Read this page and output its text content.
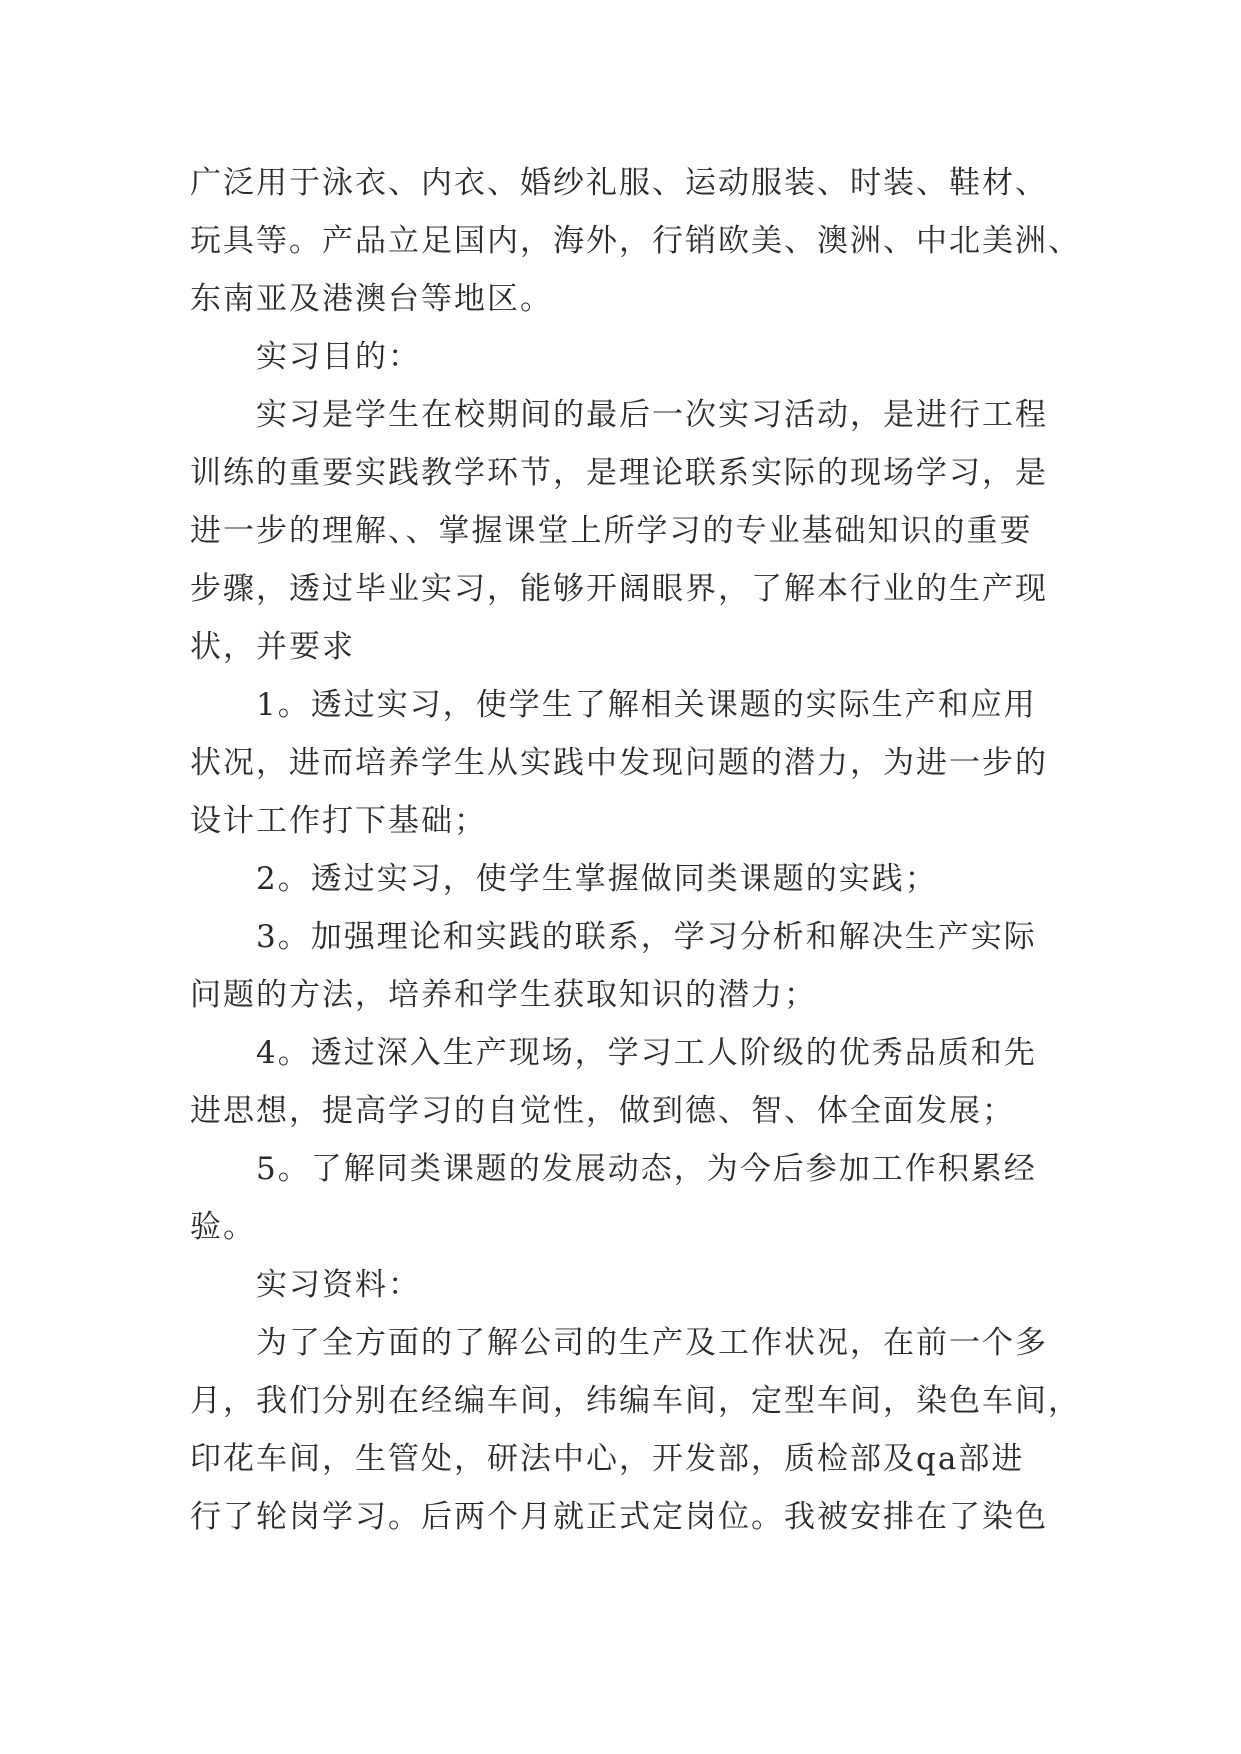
广泛用于泳衣、内衣、婚纱礼服、运动服装、时装、鞋材、
玩具等。产品立足国内，海外，行销欧美、澳洲、中北美洲、
东南亚及港澳台等地区。
实习目的：
实习是学生在校期间的最后一次实习活动，是进行工程
训练的重要实践教学环节，是理论联系实际的现场学习，是
进一步的理解、、掌握课堂上所学习的专业基础知识的重要
步骤，透过毕业实习，能够开阔眼界，了解本行业的生产现
状，并要求
1。透过实习，使学生了解相关课题的实际生产和应用
状况，进而培养学生从实践中发现问题的潜力，为进一步的
设计工作打下基础；
2。透过实习，使学生掌握做同类课题的实践；
3。加强理论和实践的联系，学习分析和解决生产实际
问题的方法，培养和学生获取知识的潜力；
4。透过深入生产现场，学习工人阶级的优秀品质和先
进思想，提高学习的自觉性，做到德、智、体全面发展；
5。了解同类课题的发展动态，为今后参加工作积累经
验。
实习资料：
为了全方面的了解公司的生产及工作状况，在前一个多
月，我们分别在经编车间，纬编车间，定型车间，染色车间，
印花车间，生管处，研法中心，开发部，质检部及qa部进
行了轮岗学习。后两个月就正式定岗位。我被安排在了染色
